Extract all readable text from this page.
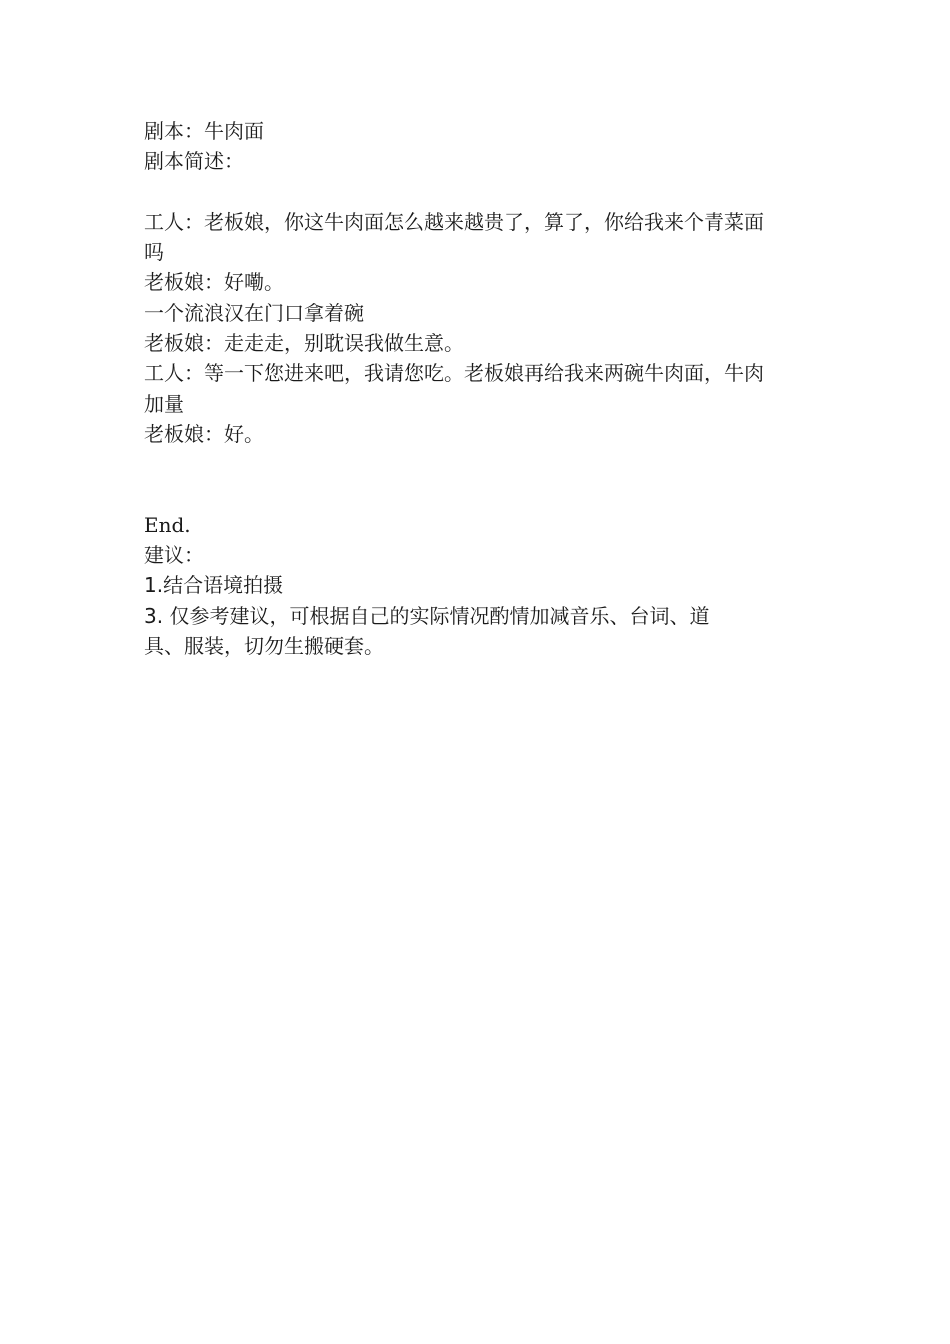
剧本：牛肉面
剧本简述：
工人：老板娘，你这牛肉面怎么越来越贵了，算了，你给我来个青菜面
吗
老板娘：好嘞。
一个流浪汉在门口拿着碗
老板娘：走走走，别耽误我做生意。
工人：等一下您进来吧，我请您吃。老板娘再给我来两碗牛肉面，牛肉
加量
老板娘：好。
End.
建议：
1.结合语境拍摄
3. 仅参考建议，可根据自己的实际情况酌情加减音乐、台词、道
具、服装，切勿生搬硬套。
